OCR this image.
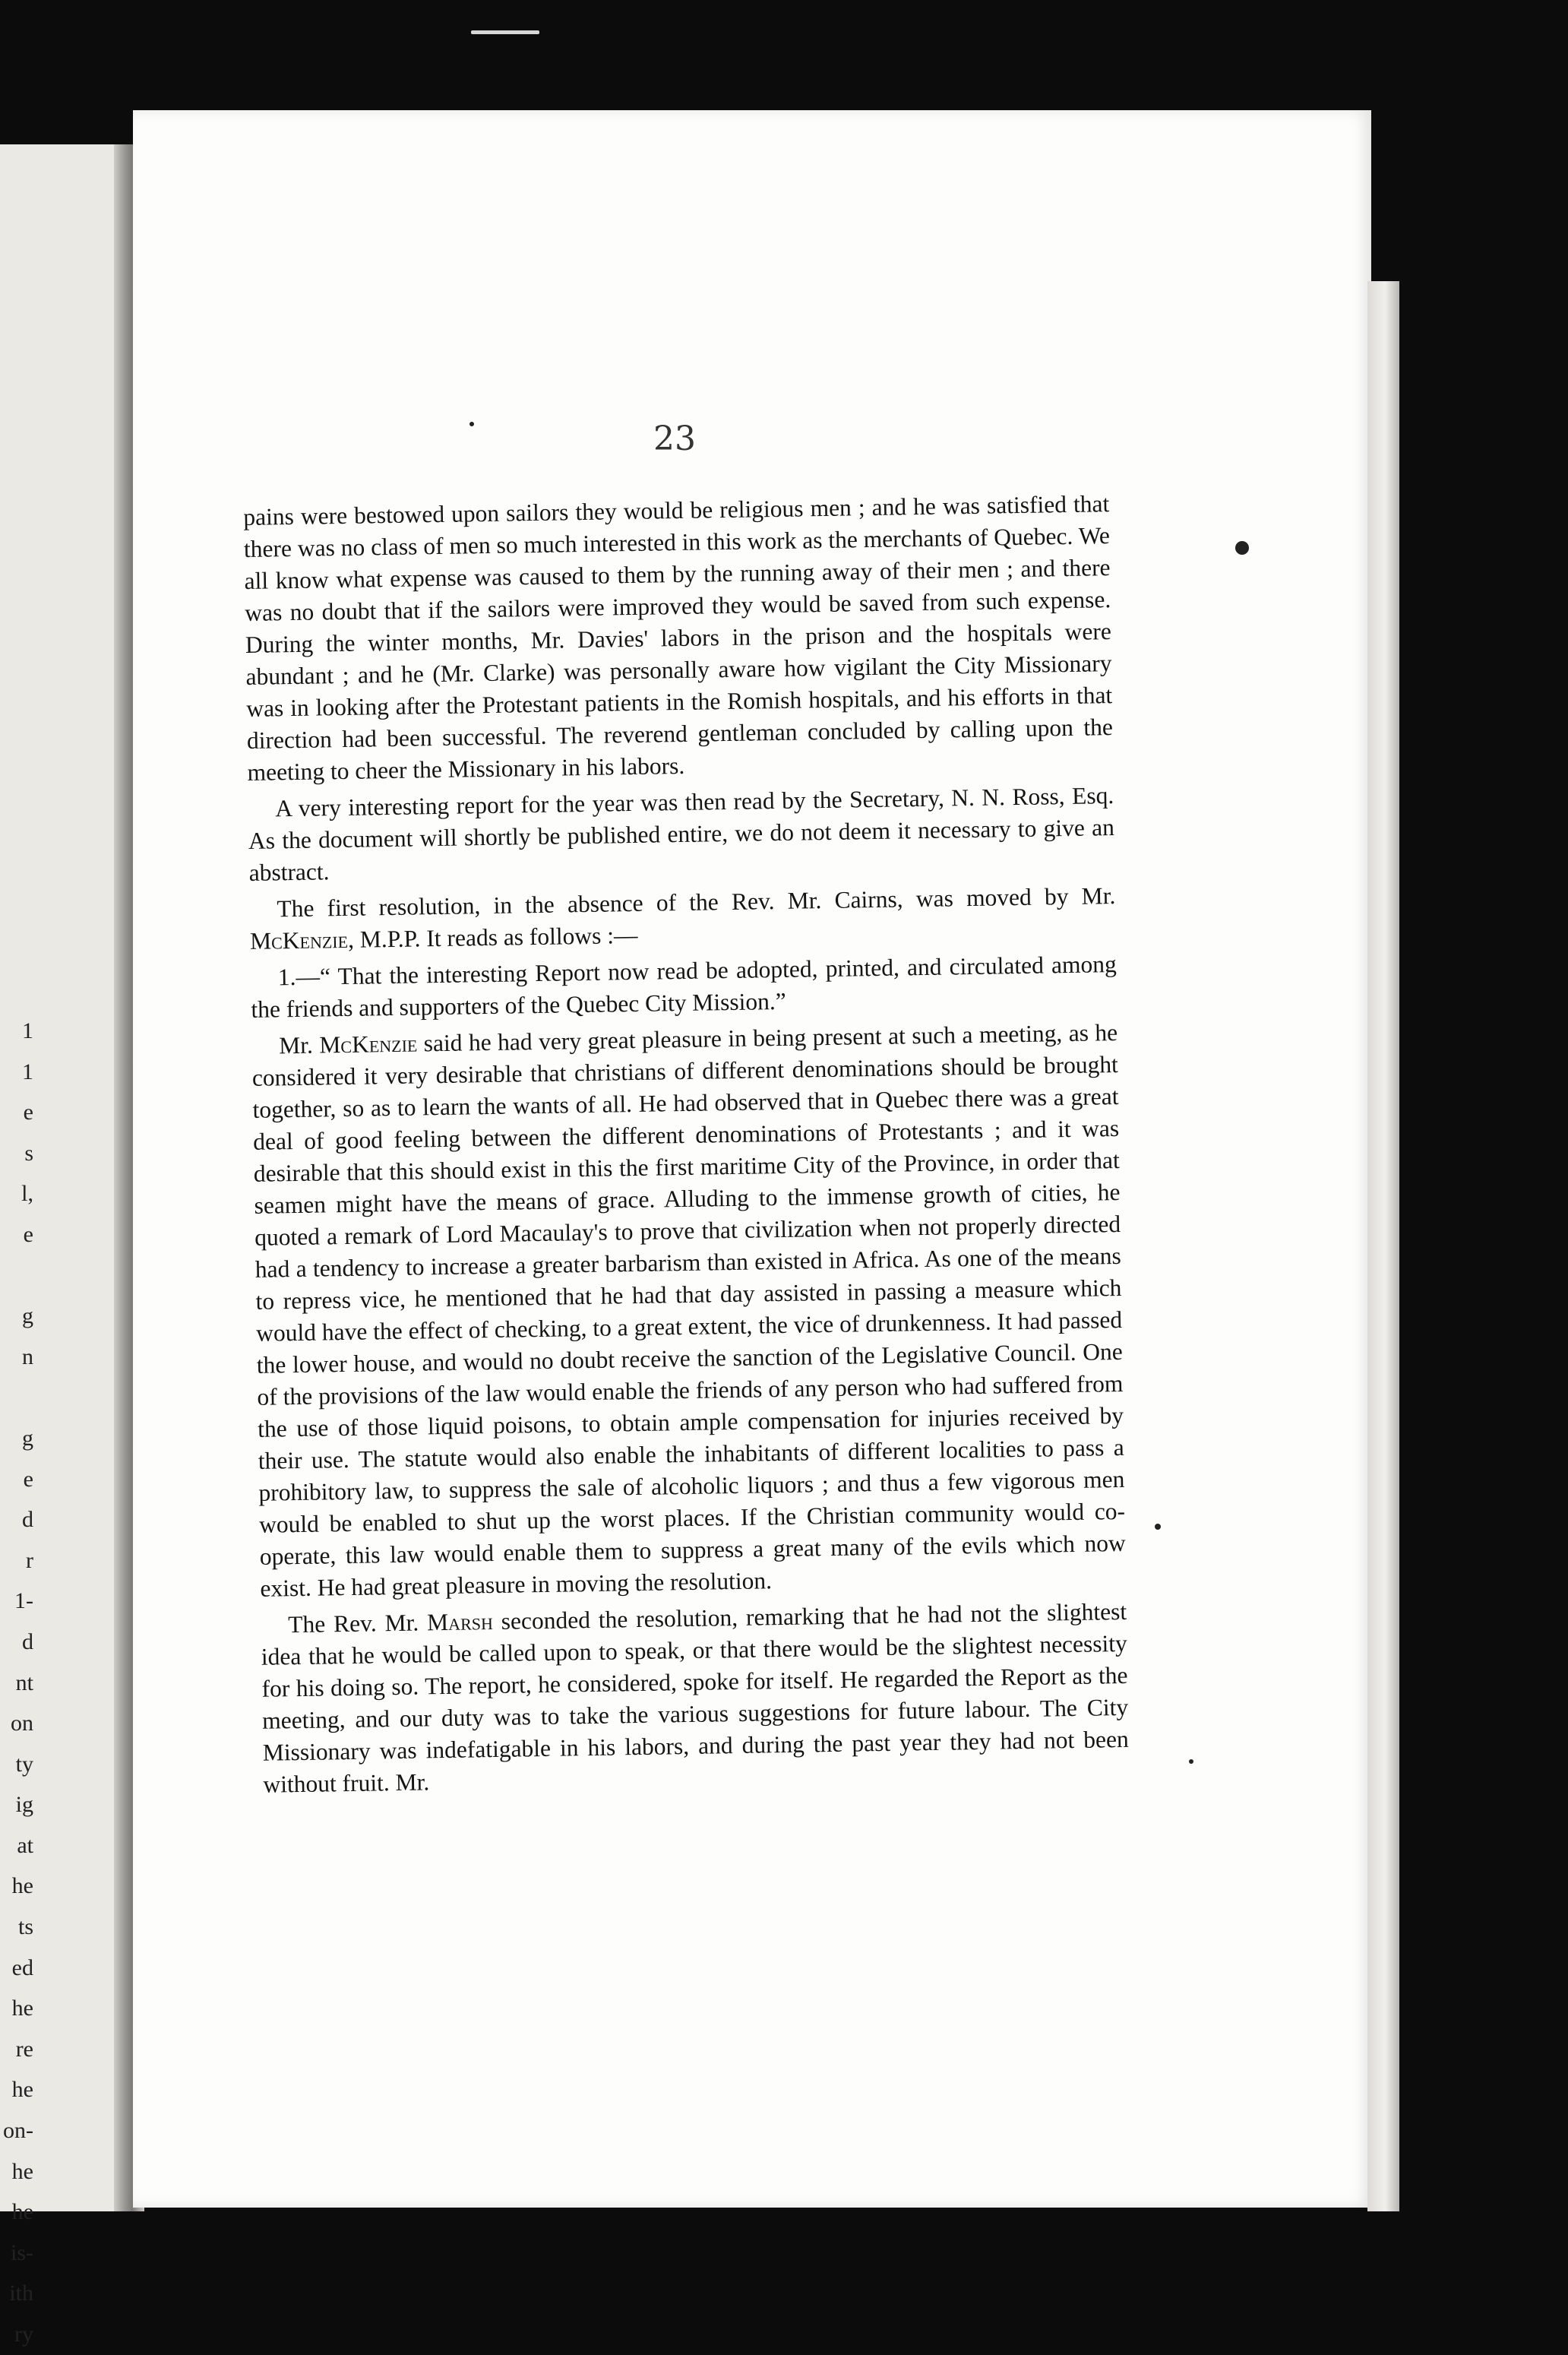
1
1
e
s
l,
e

g
n

g
e
d
r
1-
d
nt
on
ty
ig
at
he
ts
ed
he
re
he
on-
he
he
is-
ith
ry
23

pains were bestowed upon sailors they would be religious men ; and he was satisfied that there was no class of men so much interested in this work as the merchants of Quebec. We all know what expense was caused to them by the running away of their men ; and there was no doubt that if the sailors were improved they would be saved from such expense. During the winter months, Mr. Davies' labors in the prison and the hospitals were abundant ; and he (Mr. Clarke) was personally aware how vigilant the City Missionary was in looking after the Protestant patients in the Romish hospitals, and his efforts in that direction had been successful. The reverend gentleman concluded by calling upon the meeting to cheer the Missionary in his labors.

A very interesting report for the year was then read by the Secretary, N. N. Ross, Esq. As the document will shortly be published entire, we do not deem it necessary to give an abstract.

The first resolution, in the absence of the Rev. Mr. Cairns, was moved by Mr. McKenzie, M.P.P. It reads as follows :—

1.—“ That the interesting Report now read be adopted, printed, and circulated among the friends and supporters of the Quebec City Mission.”

Mr. McKenzie said he had very great pleasure in being present at such a meeting, as he considered it very desirable that christians of different denominations should be brought together, so as to learn the wants of all. He had observed that in Quebec there was a great deal of good feeling between the different denominations of Protestants ; and it was desirable that this should exist in this the first maritime City of the Province, in order that seamen might have the means of grace. Alluding to the immense growth of cities, he quoted a remark of Lord Macaulay's to prove that civilization when not properly directed had a tendency to increase a greater barbarism than existed in Africa. As one of the means to repress vice, he mentioned that he had that day assisted in passing a measure which would have the effect of checking, to a great extent, the vice of drunkenness. It had passed the lower house, and would no doubt receive the sanction of the Legislative Council. One of the provisions of the law would enable the friends of any person who had suffered from the use of those liquid poisons, to obtain ample compensation for injuries received by their use. The statute would also enable the inhabitants of different localities to pass a prohibitory law, to suppress the sale of alcoholic liquors ; and thus a few vigorous men would be enabled to shut up the worst places. If the Christian community would co-operate, this law would enable them to suppress a great many of the evils which now exist. He had great pleasure in moving the resolution.

The Rev. Mr. Marsh seconded the resolution, remarking that he had not the slightest idea that he would be called upon to speak, or that there would be the slightest necessity for his doing so. The report, he considered, spoke for itself. He regarded the Report as the meeting, and our duty was to take the various suggestions for future labour. The City Missionary was indefatigable in his labors, and during the past year they had not been without fruit. Mr.
